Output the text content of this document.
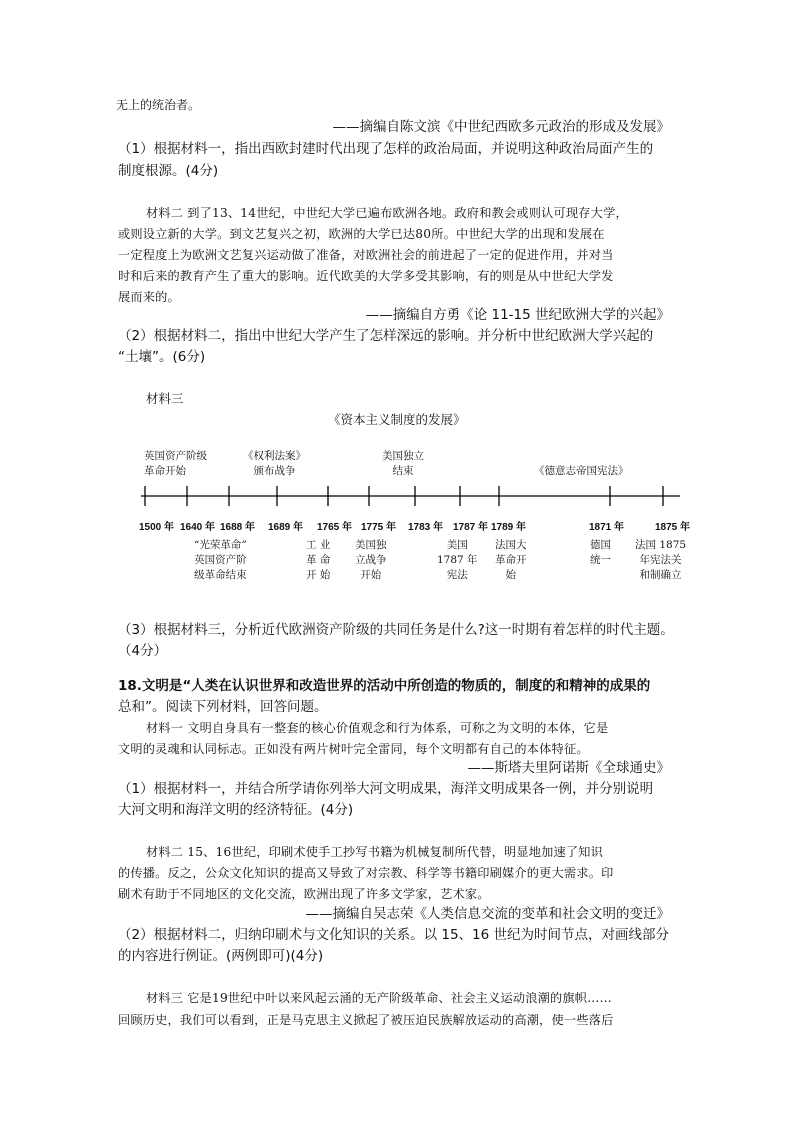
无上的统治者。
——摘编自陈文滨《中世纪西欧多元政治的形成及发展》
（1）根据材料一，指出西欧封建时代出现了怎样的政治局面，并说明这种政治局面产生的
制度根源。(4分)
材料二 到了13、14世纪，中世纪大学已遍布欧洲各地。政府和教会或则认可现存大学，
或则设立新的大学。到文艺复兴之初，欧洲的大学已达80所。中世纪大学的出现和发展在
一定程度上为欧洲文艺复兴运动做了准备，对欧洲社会的前进起了一定的促进作用，并对当
时和后来的教育产生了重大的影响。近代欧美的大学多受其影响，有的则是从中世纪大学发
展而来的。
——摘编自方勇《论 11-15 世纪欧洲大学的兴起》
（2）根据材料二，指出中世纪大学产生了怎样深远的影响。并分析中世纪欧洲大学兴起的
“土壤”。(6分)
材料三
《资本主义制度的发展》
英国资产阶级
革命开始
《权利法案》
颁布战争
美国独立
结束	《德意志帝国宪法》
1500 年 1640 年 1688 年 1689 年 1765 年 1775 年 1783 年 1787 年 1789 年	1871 年	1875 年
“光荣革命”
英国资产阶
级革命结束
工 业
革 命
开 始
美国独
立战争
开始
美国
1787 年
宪法
法国大
革命开
始
德国
统一
法国 1875
年宪法关
和制确立
（3）根据材料三，分析近代欧洲资产阶级的共同任务是什么?这一时期有着怎样的时代主题。
（4分）
18.文明是“人类在认识世界和改造世界的活动中所创造的物质的，制度的和精神的成果的
总和”。阅读下列材料，回答问题。
材料一 文明自身具有一整套的核心价值观念和行为体系，可称之为文明的本体，它是
文明的灵魂和认同标志。正如没有两片树叶完全雷同，每个文明都有自己的本体特征。
——斯塔夫里阿诺斯《全球通史》
（1）根据材料一，并结合所学请你列举大河文明成果，海洋文明成果各一例，并分别说明
大河文明和海洋文明的经济特征。(4分)
材料二 15、16世纪，印刷术使手工抄写书籍为机械复制所代替，明显地加速了知识
的传播。反之，公众文化知识的提高又导致了对宗教、科学等书籍印刷媒介的更大需求。印
刷术有助于不同地区的文化交流，欧洲出现了许多文学家，艺术家。
——摘编自吴志荣《人类信息交流的变革和社会文明的变迁》
（2）根据材料二，归纳印刷术与文化知识的关系。以 15、16 世纪为时间节点，对画线部分
的内容进行例证。(两例即可)(4分)
材料三 它是19世纪中叶以来风起云涌的无产阶级革命、社会主义运动浪潮的旗帜……
回顾历史，我们可以看到，正是马克思主义掀起了被压迫民族解放运动的高潮，使一些落后
